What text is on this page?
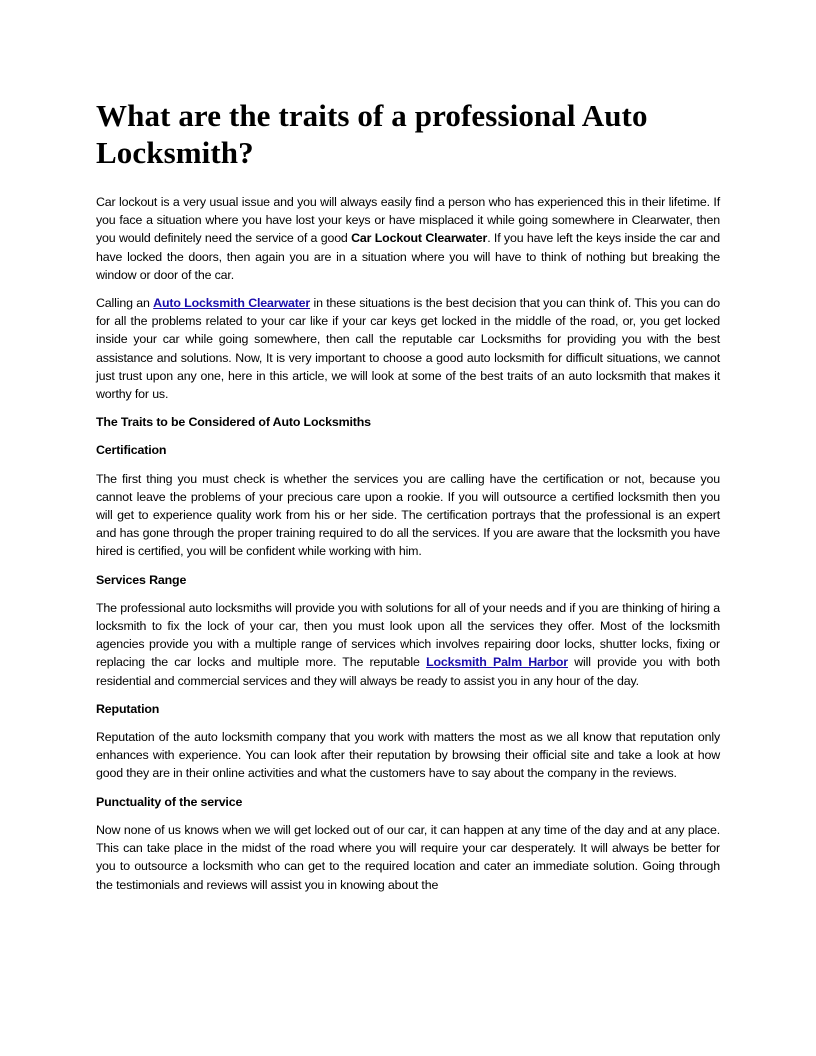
What are the traits of a professional Auto Locksmith?

Car lockout is a very usual issue and you will always easily find a person who has experienced this in their lifetime. If you face a situation where you have lost your keys or have misplaced it while going somewhere in Clearwater, then you would definitely need the service of a good Car Lockout Clearwater. If you have left the keys inside the car and have locked the doors, then again you are in a situation where you will have to think of nothing but breaking the window or door of the car.

Calling an Auto Locksmith Clearwater in these situations is the best decision that you can think of. This you can do for all the problems related to your car like if your car keys get locked in the middle of the road, or, you get locked inside your car while going somewhere, then call the reputable car Locksmiths for providing you with the best assistance and solutions. Now, It is very important to choose a good auto locksmith for difficult situations, we cannot just trust upon any one, here in this article, we will look at some of the best traits of an auto locksmith that makes it worthy for us.

The Traits to be Considered of Auto Locksmiths

Certification

The first thing you must check is whether the services you are calling have the certification or not, because you cannot leave the problems of your precious care upon a rookie. If you will outsource a certified locksmith then you will get to experience quality work from his or her side. The certification portrays that the professional is an expert and has gone through the proper training required to do all the services. If you are aware that the locksmith you have hired is certified, you will be confident while working with him.

Services Range

The professional auto locksmiths will provide you with solutions for all of your needs and if you are thinking of hiring a locksmith to fix the lock of your car, then you must look upon all the services they offer. Most of the locksmith agencies provide you with a multiple range of services which involves repairing door locks, shutter locks, fixing or replacing the car locks and multiple more. The reputable Locksmith Palm Harbor will provide you with both residential and commercial services and they will always be ready to assist you in any hour of the day.

Reputation

Reputation of the auto locksmith company that you work with matters the most as we all know that reputation only enhances with experience. You can look after their reputation by browsing their official site and take a look at how good they are in their online activities and what the customers have to say about the company in the reviews.

Punctuality of the service

Now none of us knows when we will get locked out of our car, it can happen at any time of the day and at any place. This can take place in the midst of the road where you will require your car desperately. It will always be better for you to outsource a locksmith who can get to the required location and cater an immediate solution. Going through the testimonials and reviews will assist you in knowing about the
